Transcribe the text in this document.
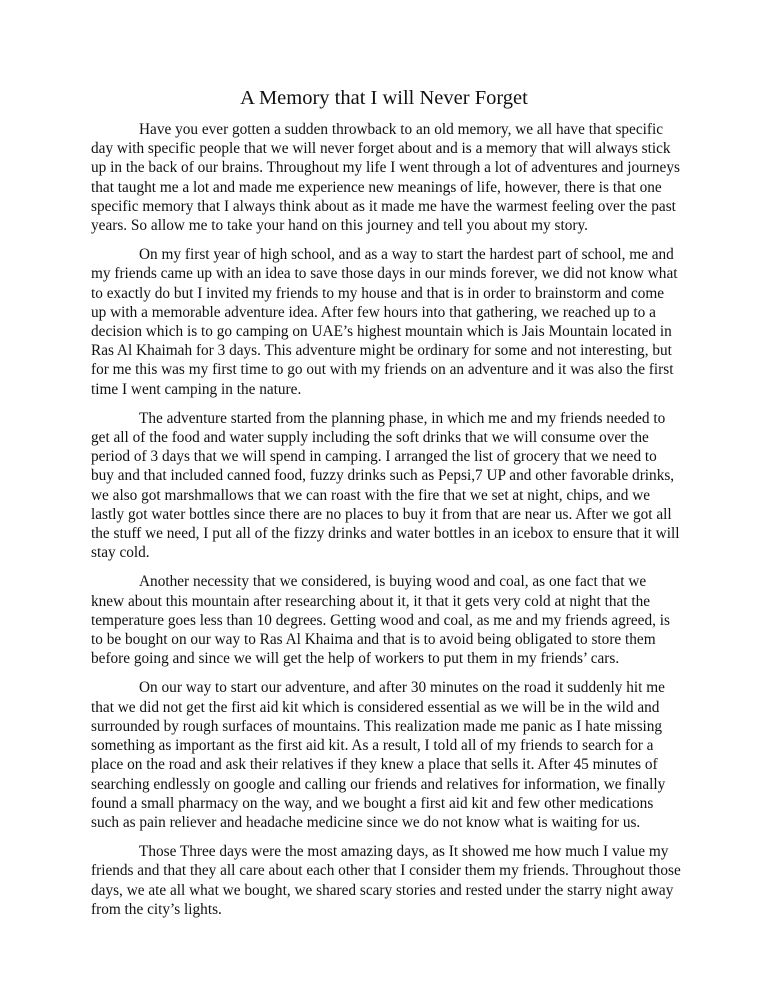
A Memory that I will Never Forget

Have you ever gotten a sudden throwback to an old memory, we all have that specific day with specific people that we will never forget about and is a memory that will always stick up in the back of our brains. Throughout my life I went through a lot of adventures and journeys that taught me a lot and made me experience new meanings of life, however, there is that one specific memory that I always think about as it made me have the warmest feeling over the past years. So allow me to take your hand on this journey and tell you about my story.

On my first year of high school, and as a way to start the hardest part of school, me and my friends came up with an idea to save those days in our minds forever, we did not know what to exactly do but I invited my friends to my house and that is in order to brainstorm and come up with a memorable adventure idea. After few hours into that gathering, we reached up to a decision which is to go camping on UAE’s highest mountain which is Jais Mountain located in Ras Al Khaimah for 3 days. This adventure might be ordinary for some and not interesting, but for me this was my first time to go out with my friends on an adventure and it was also the first time I went camping in the nature.

The adventure started from the planning phase, in which me and my friends needed to get all of the food and water supply including the soft drinks that we will consume over the period of 3 days that we will spend in camping. I arranged the list of grocery that we need to buy and that included canned food, fuzzy drinks such as Pepsi,7 UP and other favorable drinks, we also got marshmallows that we can roast with the fire that we set at night, chips, and we lastly got water bottles since there are no places to buy it from that are near us. After we got all the stuff we need, I put all of the fizzy drinks and water bottles in an icebox to ensure that it will stay cold.

Another necessity that we considered, is buying wood and coal, as one fact that we knew about this mountain after researching about it, it that it gets very cold at night that the temperature goes less than 10 degrees. Getting wood and coal, as me and my friends agreed, is to be bought on our way to Ras Al Khaima and that is to avoid being obligated to store them before going and since we will get the help of workers to put them in my friends’ cars.

On our way to start our adventure, and after 30 minutes on the road it suddenly hit me that we did not get the first aid kit which is considered essential as we will be in the wild and surrounded by rough surfaces of mountains. This realization made me panic as I hate missing something as important as the first aid kit. As a result, I told all of my friends to search for a place on the road and ask their relatives if they knew a place that sells it. After 45 minutes of searching endlessly on google and calling our friends and relatives for information, we finally found a small pharmacy on the way, and we bought a first aid kit and few other medications such as pain reliever and headache medicine since we do not know what is waiting for us.

Those Three days were the most amazing days, as It showed me how much I value my friends and that they all care about each other that I consider them my friends. Throughout those days, we ate all what we bought, we shared scary stories and rested under the starry night away from the city’s lights.
